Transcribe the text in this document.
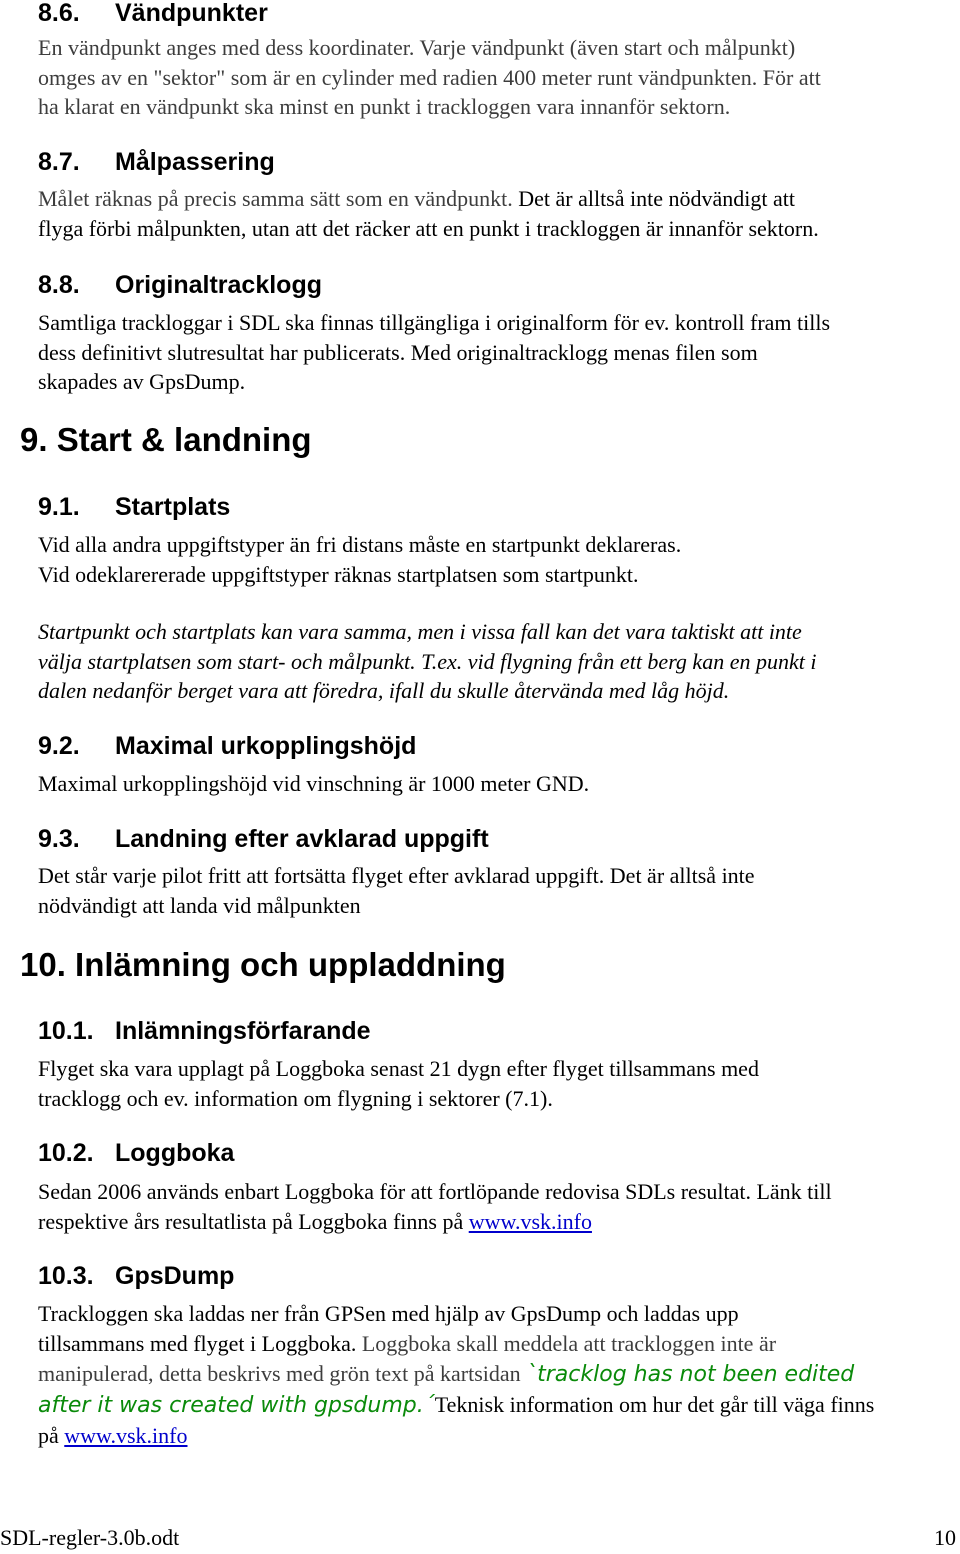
8.6. Vändpunkter
En vändpunkt anges med dess koordinater. Varje vändpunkt (även start och målpunkt)
omges av en "sektor" som är en cylinder med radien 400 meter runt vändpunkten. För att
ha klarat en vändpunkt ska minst en punkt i trackloggen vara innanför sektorn.
8.7. Målpassering
Målet räknas på precis samma sätt som en vändpunkt. Det är alltså inte nödvändigt att
flyga förbi målpunkten, utan att det räcker att en punkt i trackloggen är innanför sektorn.
8.8. Originaltracklogg
Samtliga trackloggar i SDL ska finnas tillgängliga i originalform för ev. kontroll fram tills
dess definitivt slutresultat har publicerats. Med originaltracklogg menas filen som
skapades av GpsDump.
9. Start & landning
9.1. Startplats
Vid alla andra uppgiftstyper än fri distans måste en startpunkt deklareras.
Vid odeklarererade uppgiftstyper räknas startplatsen som startpunkt.
Startpunkt och startplats kan vara samma, men i vissa fall kan det vara taktiskt att inte
välja startplatsen som start- och målpunkt. T.ex. vid flygning från ett berg kan en punkt i
dalen nedanför berget vara att föredra, ifall du skulle återvända med låg höjd.
9.2. Maximal urkopplingshöjd
Maximal urkopplingshöjd vid vinschning är 1000 meter GND.
9.3. Landning efter avklarad uppgift
Det står varje pilot fritt att fortsätta flyget efter avklarad uppgift. Det är alltså inte
nödvändigt att landa vid målpunkten
10. Inlämning och uppladdning
10.1. Inlämningsförfarande
Flyget ska vara upplagt på Loggboka senast 21 dygn efter flyget tillsammans med
tracklogg och ev. information om flygning i sektorer (7.1).
10.2. Loggboka
Sedan 2006 används enbart Loggboka för att fortlöpande redovisa SDLs resultat. Länk till
respektive års resultatlista på Loggboka finns på www.vsk.info
10.3. GpsDump
Trackloggen ska laddas ner från GPSen med hjälp av GpsDump och laddas upp
tillsammans med flyget i Loggboka. Loggboka skall meddela att trackloggen inte är
manipulerad, detta beskrivs med grön text på kartsidan `tracklog has not been edited
after it was created with gpsdump.´Teknisk information om hur det går till väga finns
på www.vsk.info
SDL-regler-3.0b.odt	10
